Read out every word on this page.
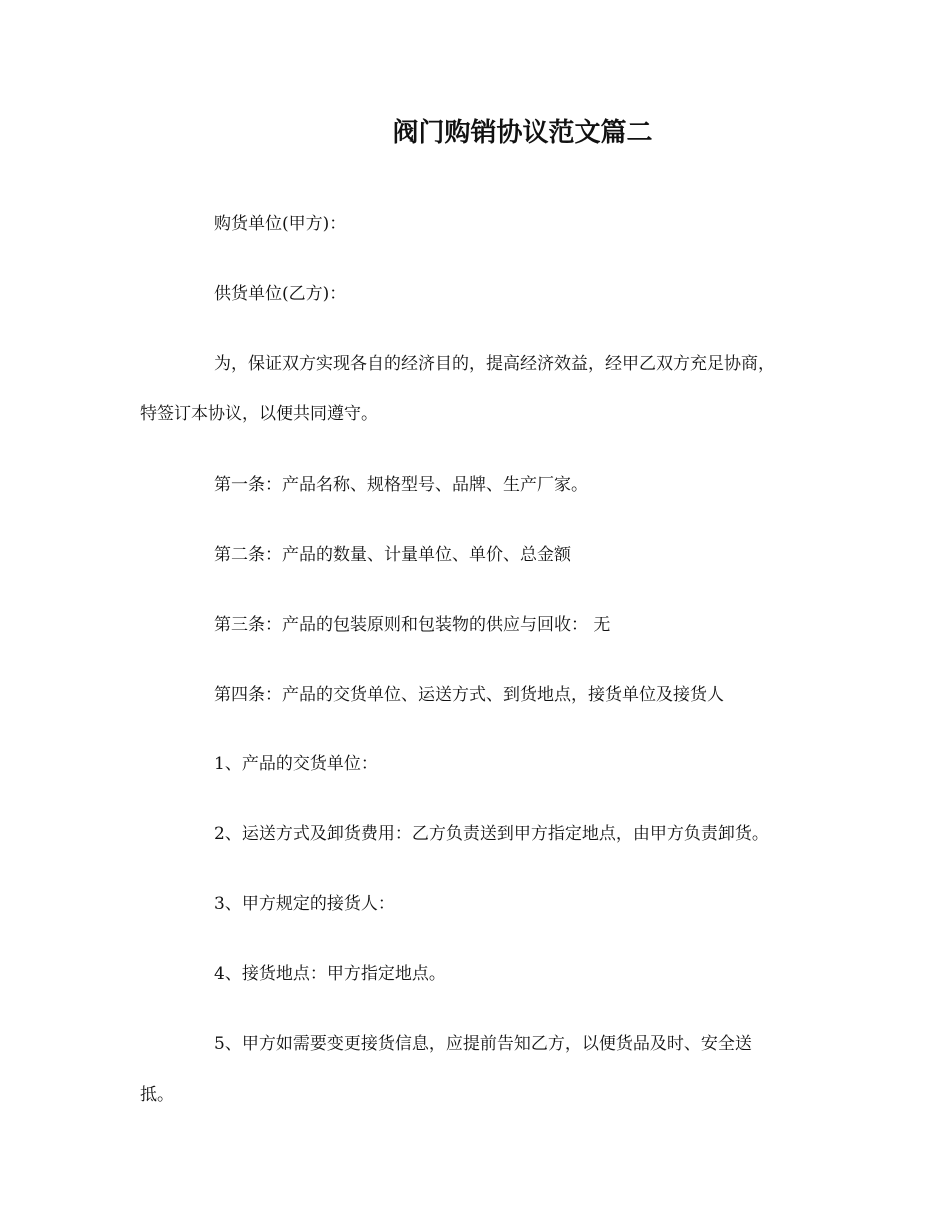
阀门购销协议范文篇二
购货单位(甲方)：
供货单位(乙方)：
为，保证双方实现各自的经济目的，提高经济效益，经甲乙双方充足协商，
特签订本协议，以便共同遵守。
第一条：产品名称、规格型号、品牌、生产厂家。
第二条：产品的数量、计量单位、单价、总金额
第三条：产品的包装原则和包装物的供应与回收： 无
第四条：产品的交货单位、运送方式、到货地点，接货单位及接货人
1、产品的交货单位：
2、运送方式及卸货费用：乙方负责送到甲方指定地点，由甲方负责卸货。
3、甲方规定的接货人：
4、接货地点：甲方指定地点。
5、甲方如需要变更接货信息，应提前告知乙方，以便货品及时、安全送
抵。
